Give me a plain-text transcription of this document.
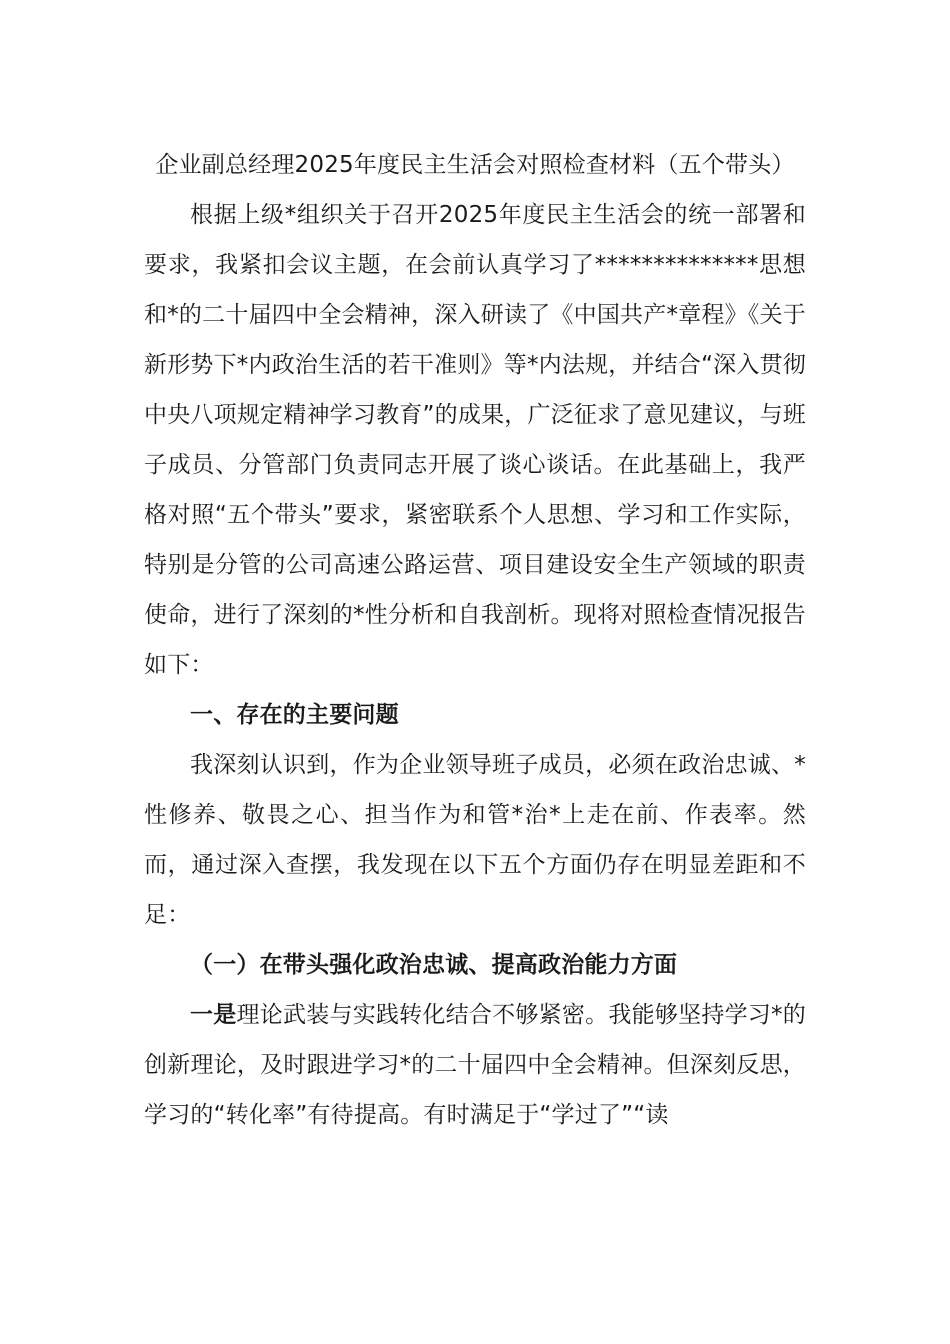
企业副总经理2025年度民主生活会对照检查材料（五个带头）

根据上级*组织关于召开2025年度民主生活会的统一部署和要求，我紧扣会议主题，在会前认真学习了**************思想和*的二十届四中全会精神，深入研读了《中国共产*章程》《关于新形势下*内政治生活的若干准则》等*内法规，并结合“深入贯彻中央八项规定精神学习教育”的成果，广泛征求了意见建议，与班子成员、分管部门负责同志开展了谈心谈话。在此基础上，我严格对照“五个带头”要求，紧密联系个人思想、学习和工作实际，特别是分管的公司高速公路运营、项目建设安全生产领域的职责使命，进行了深刻的*性分析和自我剖析。现将对照检查情况报告如下：

一、存在的主要问题

我深刻认识到，作为企业领导班子成员，必须在政治忠诚、*性修养、敬畏之心、担当作为和管*治*上走在前、作表率。然而，通过深入查摆，我发现在以下五个方面仍存在明显差距和不足：

（一）在带头强化政治忠诚、提高政治能力方面

一是理论武装与实践转化结合不够紧密。我能够坚持学习*的创新理论，及时跟进学习*的二十届四中全会精神。但深刻反思，学习的“转化率”有待提高。有时满足于“学过了”“读
